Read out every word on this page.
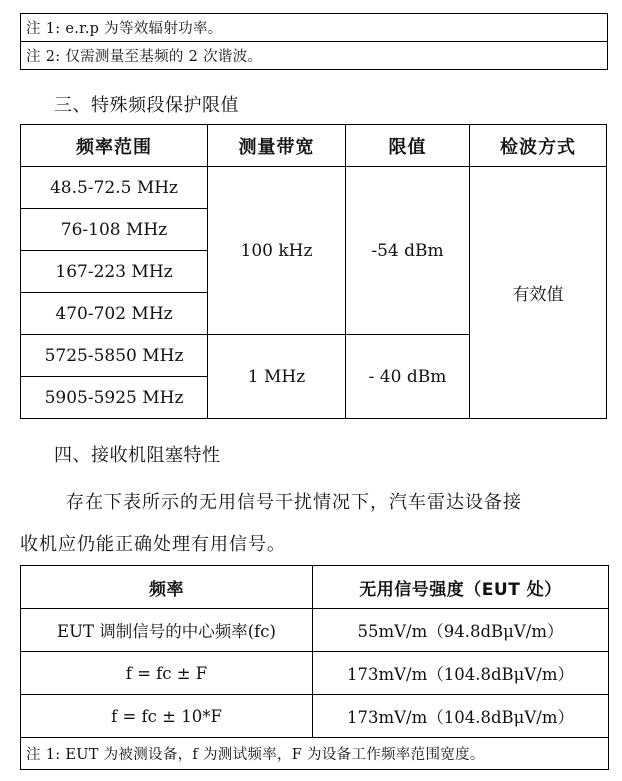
注 1: e.r.p 为等效辐射功率。
注 2: 仅需测量至基频的 2 次谐波。
三、特殊频段保护限值
频率范围	测量带宽	限值	检波方式
48.5-72.5 MHz	100 kHz	-54 dBm	有效值
76-108 MHz			
167-223 MHz			
470-702 MHz			
5725-5850 MHz	1 MHz	- 40 dBm	
5905-5925 MHz			
四、接收机阻塞特性
存在下表所示的无用信号干扰情况下，汽车雷达设备接
收机应仍能正确处理有用信号。
频率	无用信号强度（EUT 处）
EUT 调制信号的中心频率(fc)	55mV/m（94.8dBμV/m）
f = fc ± F	173mV/m（104.8dBμV/m）
f = fc ± 10*F	173mV/m（104.8dBμV/m）
注 1: EUT 为被测设备，f 为测试频率，F 为设备工作频率范围宽度。	
